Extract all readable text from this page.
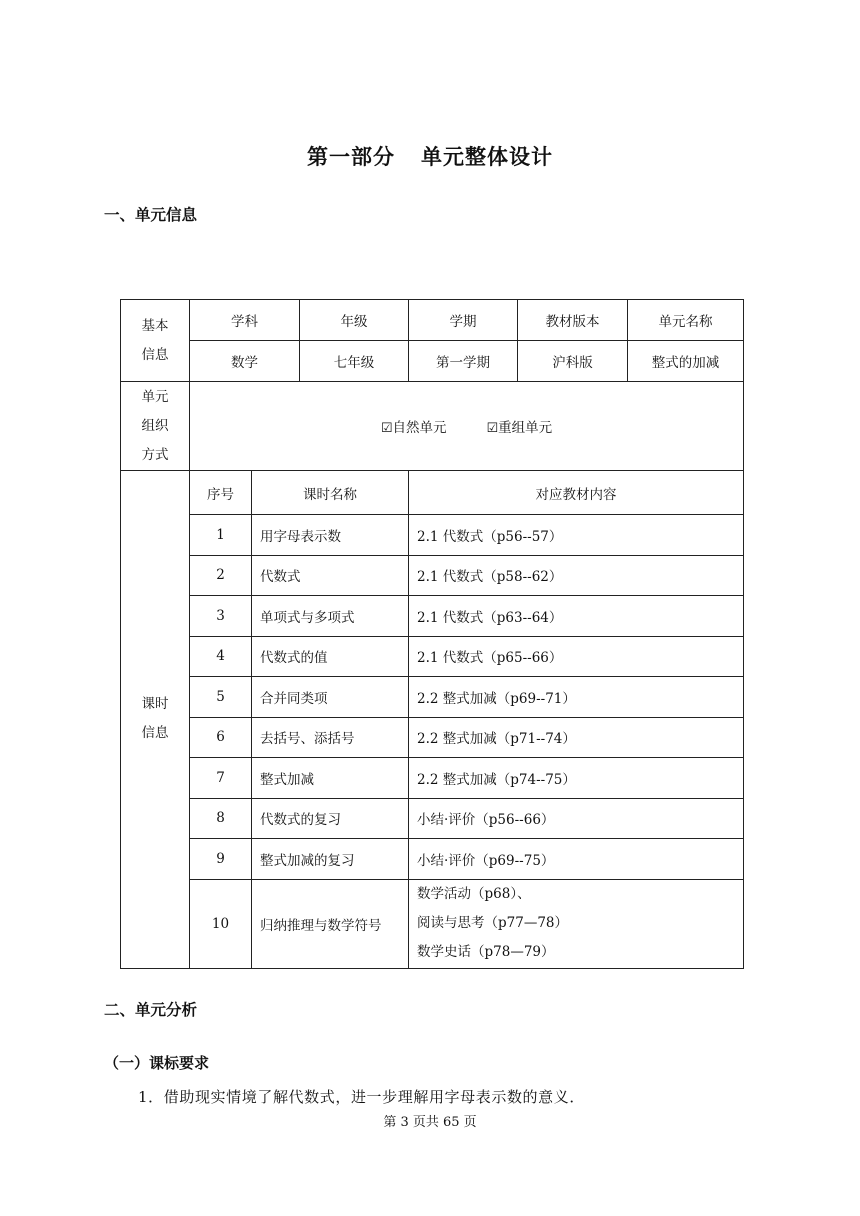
第一部分 单元整体设计
一、单元信息
基本
信息	学科		年级	学期	教材版本	单元名称
	数学		七年级	第一学期	沪科版	整式的加减

单元
组织
方式	☑自然单元 ☑重组单元					

课时
信息	序号	课时名称		对应教材内容		
	1	用字母表示数		2.1 代数式（p56--57）		
	2	代数式		2.1 代数式（p58--62）		
	3	单项式与多项式		2.1 代数式（p63--64）		
	4	代数式的值		2.1 代数式（p65--66）		
	5	合并同类项		2.2 整式加减（p69--71）		
	6	去括号、添括号		2.2 整式加减（p71--74）		
	7	整式加减		2.2 整式加减（p74--75）		
	8	代数式的复习		小结·评价（p56--66）		
	9	整式加减的复习		小结·评价（p69--75）		
	10	归纳推理与数学符号		数学活动（p68）、
阅读与思考（p77—78）
数学史话（p78—79）		
二、单元分析
（一）课标要求
1．借助现实情境了解代数式，进一步理解用字母表示数的意义．
第 3 页共 65 页
